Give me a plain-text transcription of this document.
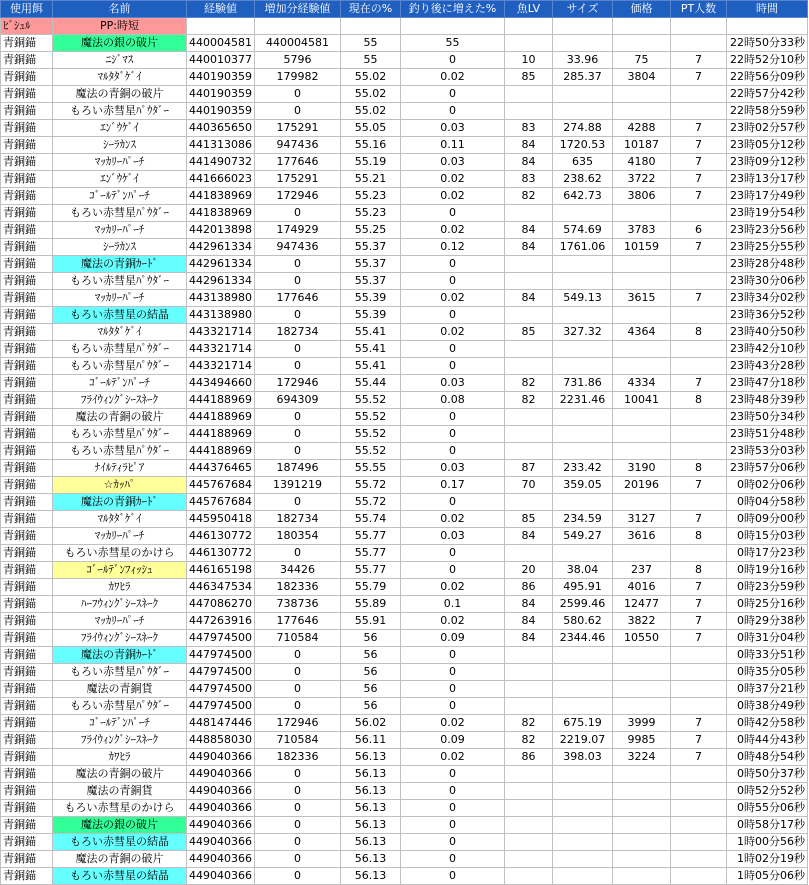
使用餌	名前	経験値	増加分経験値	現在の%	釣り後に増えた%	魚LV	サイズ	価格	PT人数	時間
ﾋﾞｼｭﾙ	PP:時短									
青銅錨	魔法の銀の破片	440004581	440004581	55	55					22時50分33秒
青銅錨	ﾆｼﾞﾏｽ	440010377	5796	55	0	10	33.96	75	7	22時52分10秒
青銅錨	ﾏﾙﾀﾀﾞｹﾞｲ	440190359	179982	55.02	0.02	85	285.37	3804	7	22時56分09秒
青銅錨	魔法の青銅の破片	440190359	0	55.02	0					22時57分42秒
青銅錨	もろい赤彗星ﾊﾟｳﾀﾞｰ	440190359	0	55.02	0					22時58分59秒
青銅錨	ｴﾝﾞｳｹﾞｲ	440365650	175291	55.05	0.03	83	274.88	4288	7	23時02分57秒
青銅錨	ｼｰﾗｶﾝｽ	441313086	947436	55.16	0.11	84	1720.53	10187	7	23時05分12秒
青銅錨	ﾏｯｶﾘｰﾊﾟｰﾁ	441490732	177646	55.19	0.03	84	635	4180	7	23時09分12秒
青銅錨	ｴﾝﾞｳｹﾞｲ	441666023	175291	55.21	0.02	83	238.62	3722	7	23時13分17秒
青銅錨	ｺﾞｰﾙﾃﾞﾝﾊﾟｰﾁ	441838969	172946	55.23	0.02	82	642.73	3806	7	23時17分49秒
青銅錨	もろい赤彗星ﾊﾟｳﾀﾞｰ	441838969	0	55.23	0					23時19分54秒
青銅錨	ﾏｯｶﾘｰﾊﾟｰﾁ	442013898	174929	55.25	0.02	84	574.69	3783	6	23時23分56秒
青銅錨	ｼｰﾗｶﾝｽ	442961334	947436	55.37	0.12	84	1761.06	10159	7	23時25分55秒
青銅錨	魔法の青銅ｶｰﾄﾞ	442961334	0	55.37	0					23時28分48秒
青銅錨	もろい赤彗星ﾊﾟｳﾀﾞｰ	442961334	0	55.37	0					23時30分06秒
青銅錨	ﾏｯｶﾘｰﾊﾟｰﾁ	443138980	177646	55.39	0.02	84	549.13	3615	7	23時34分02秒
青銅錨	もろい赤彗星の結晶	443138980	0	55.39	0					23時36分52秒
青銅錨	ﾏﾙﾀﾀﾞｹﾞｲ	443321714	182734	55.41	0.02	85	327.32	4364	8	23時40分50秒
青銅錨	もろい赤彗星ﾊﾟｳﾀﾞｰ	443321714	0	55.41	0					23時42分10秒
青銅錨	もろい赤彗星ﾊﾟｳﾀﾞｰ	443321714	0	55.41	0					23時43分28秒
青銅錨	ｺﾞｰﾙﾃﾞﾝﾊﾟｰﾁ	443494660	172946	55.44	0.03	82	731.86	4334	7	23時47分18秒
青銅錨	ﾌﾗｲｳｨﾝｸﾞｼｰｽﾈｰｸ	444188969	694309	55.52	0.08	82	2231.46	10041	8	23時48分39秒
青銅錨	魔法の青銅の破片	444188969	0	55.52	0					23時50分34秒
青銅錨	もろい赤彗星ﾊﾟｳﾀﾞｰ	444188969	0	55.52	0					23時51分48秒
青銅錨	もろい赤彗星ﾊﾟｳﾀﾞｰ	444188969	0	55.52	0					23時53分03秒
青銅錨	ﾅｲﾙﾃｨﾗﾋﾟｱ	444376465	187496	55.55	0.03	87	233.42	3190	8	23時57分06秒
青銅錨	☆ｶｯﾊﾟ	445767684	1391219	55.72	0.17	70	359.05	20196	7	0時02分06秒
青銅錨	魔法の青銅ｶｰﾄﾞ	445767684	0	55.72	0					0時04分58秒
青銅錨	ﾏﾙﾀﾀﾞｹﾞｲ	445950418	182734	55.74	0.02	85	234.59	3127	7	0時09分00秒
青銅錨	ﾏｯｶﾘｰﾊﾟｰﾁ	446130772	180354	55.77	0.03	84	549.27	3616	8	0時15分03秒
青銅錨	もろい赤彗星のかけら	446130772	0	55.77	0					0時17分23秒
青銅錨	ｺﾞｰﾙﾃﾞﾝﾌｨｯｼｭ	446165198	34426	55.77	0	20	38.04	237	8	0時19分16秒
青銅錨	ｶﾜﾋﾗ	446347534	182336	55.79	0.02	86	495.91	4016	7	0時23分59秒
青銅錨	ﾊｰﾌｳｨﾝｸﾞｼｰｽﾈｰｸ	447086270	738736	55.89	0.1	84	2599.46	12477	7	0時25分16秒
青銅錨	ﾏｯｶﾘｰﾊﾟｰﾁ	447263916	177646	55.91	0.02	84	580.62	3822	7	0時29分38秒
青銅錨	ﾌﾗｲｳｨﾝｸﾞｼｰｽﾈｰｸ	447974500	710584	56	0.09	84	2344.46	10550	7	0時31分04秒
青銅錨	魔法の青銅ｶｰﾄﾞ	447974500	0	56	0					0時33分51秒
青銅錨	もろい赤彗星ﾊﾟｳﾀﾞｰ	447974500	0	56	0					0時35分05秒
青銅錨	魔法の青銅貨	447974500	0	56	0					0時37分21秒
青銅錨	もろい赤彗星ﾊﾟｳﾀﾞｰ	447974500	0	56	0					0時38分49秒
青銅錨	ｺﾞｰﾙﾃﾞﾝﾊﾟｰﾁ	448147446	172946	56.02	0.02	82	675.19	3999	7	0時42分58秒
青銅錨	ﾌﾗｲｳｨﾝｸﾞｼｰｽﾈｰｸ	448858030	710584	56.11	0.09	82	2219.07	9985	7	0時44分43秒
青銅錨	ｶﾜﾋﾗ	449040366	182336	56.13	0.02	86	398.03	3224	7	0時48分54秒
青銅錨	魔法の青銅の破片	449040366	0	56.13	0					0時50分37秒
青銅錨	魔法の青銅貨	449040366	0	56.13	0					0時52分52秒
青銅錨	もろい赤彗星のかけら	449040366	0	56.13	0					0時55分06秒
青銅錨	魔法の銀の破片	449040366	0	56.13	0					0時58分17秒
青銅錨	もろい赤彗星の結晶	449040366	0	56.13	0					1時00分56秒
青銅錨	魔法の青銅の破片	449040366	0	56.13	0					1時02分19秒
青銅錨	もろい赤彗星の結晶	449040366	0	56.13	0					1時05分06秒
